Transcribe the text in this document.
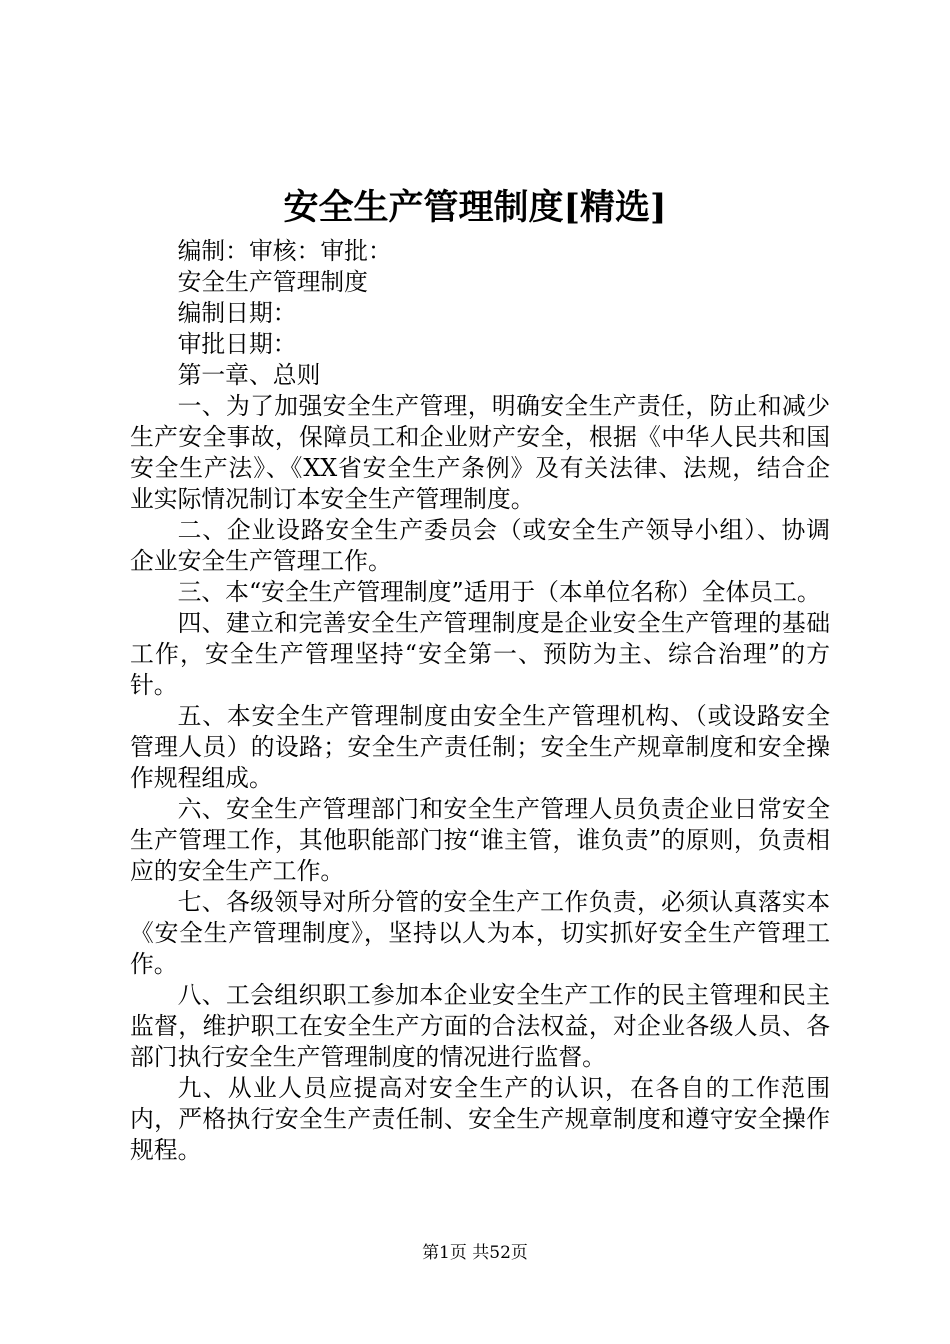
安全生产管理制度[精选]

编制：审核：审批：

安全生产管理制度

编制日期：

审批日期：

第一章、总则

一、为了加强安全生产管理，明确安全生产责任，防止和减少生产安全事故，保障员工和企业财产安全，根据《中华人民共和国安全生产法》、《XX省安全生产条例》及有关法律、法规，结合企业实际情况制订本安全生产管理制度。

二、企业设路安全生产委员会（或安全生产领导小组）、协调企业安全生产管理工作。

三、本“安全生产管理制度”适用于（本单位名称）全体员工。

四、建立和完善安全生产管理制度是企业安全生产管理的基础工作，安全生产管理坚持“安全第一、预防为主、综合治理”的方针。

五、本安全生产管理制度由安全生产管理机构、（或设路安全管理人员）的设路；安全生产责任制；安全生产规章制度和安全操作规程组成。

六、安全生产管理部门和安全生产管理人员负责企业日常安全生产管理工作，其他职能部门按“谁主管，谁负责”的原则，负责相应的安全生产工作。

七、各级领导对所分管的安全生产工作负责，必须认真落实本《安全生产管理制度》，坚持以人为本，切实抓好安全生产管理工作。

八、工会组织职工参加本企业安全生产工作的民主管理和民主监督，维护职工在安全生产方面的合法权益，对企业各级人员、各部门执行安全生产管理制度的情况进行监督。

九、从业人员应提高对安全生产的认识，在各自的工作范围内，严格执行安全生产责任制、安全生产规章制度和遵守安全操作规程。

第1页 共52页
